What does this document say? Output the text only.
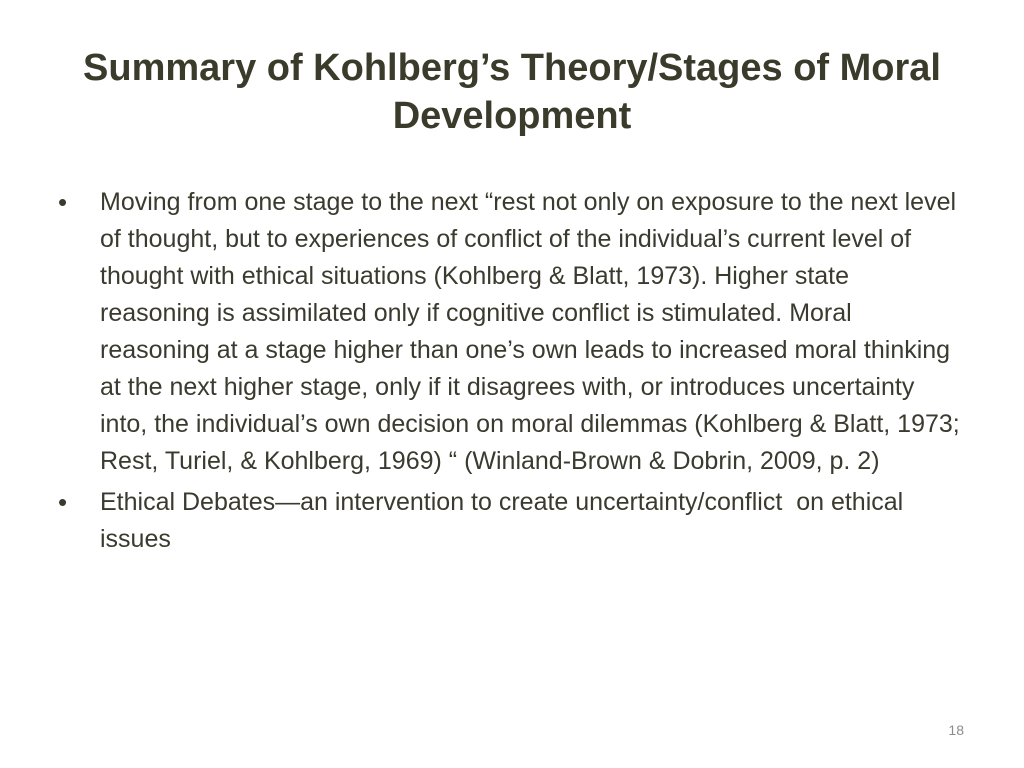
Summary of Kohlberg’s Theory/Stages of Moral Development
•	Moving from one stage to the next “rest not only on exposure to the next level of thought, but to experiences of conflict of the individual’s current level of thought with ethical situations (Kohlberg & Blatt, 1973). Higher state reasoning is assimilated only if cognitive conflict is stimulated. Moral reasoning at a stage higher than one’s own leads to increased moral thinking at the next higher stage, only if it disagrees with, or introduces uncertainty into, the individual’s own decision on moral dilemmas (Kohlberg & Blatt, 1973; Rest, Turiel, & Kohlberg, 1969) “ (Winland-Brown & Dobrin, 2009, p. 2)
•	Ethical Debates—an intervention to create uncertainty/conflict  on ethical issues
18
